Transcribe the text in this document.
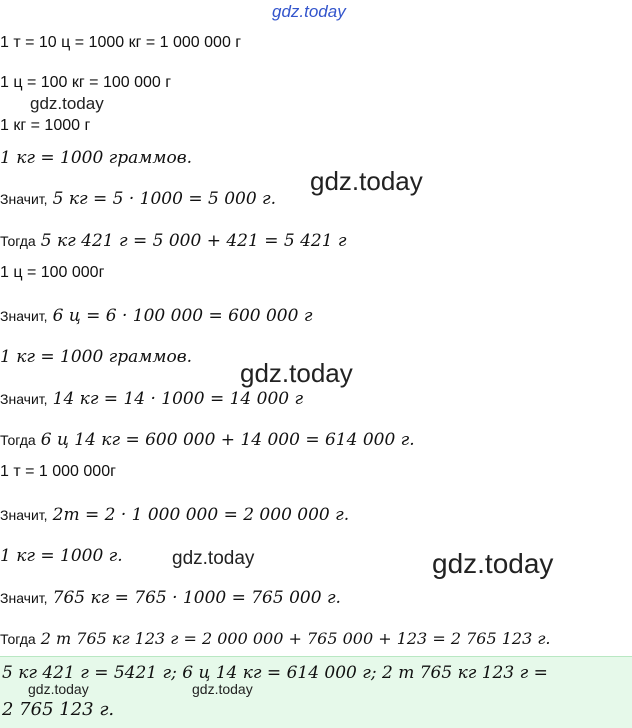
gdz.today
1 т = 10 ц = 1000 кг = 1 000 000 г
1 ц = 100 кг = 100 000 г
gdz.today
1 кг = 1000 г
1 кг = 1000 граммов.
Значит, 5 кг = 5 · 1000 = 5 000 г.
gdz.today
Тогда 5 кг 421 г = 5 000 + 421 = 5 421 г
1 ц = 100 000г
Значит, 6 ц = 6 · 100 000 = 600 000 г
1 кг = 1000 граммов.
gdz.today
Значит, 14 кг = 14 · 1000 = 14 000 г
Тогда 6 ц 14 кг = 600 000 + 14 000 = 614 000 г.
1 т = 1 000 000г
Значит, 2т = 2 · 1 000 000 = 2 000 000 г.
1 кг = 1000 г.	gdz.today	gdz.today
Значит, 765 кг = 765 · 1000 = 765 000 г.
Тогда 2 т 765 кг 123 г = 2 000 000 + 765 000 + 123 = 2 765 123 г.
5 кг 421 г = 5421 г; 6 ц 14 кг = 614 000 г; 2 т 765 кг 123 г =
gdz.today	gdz.today
2 765 123 г.
